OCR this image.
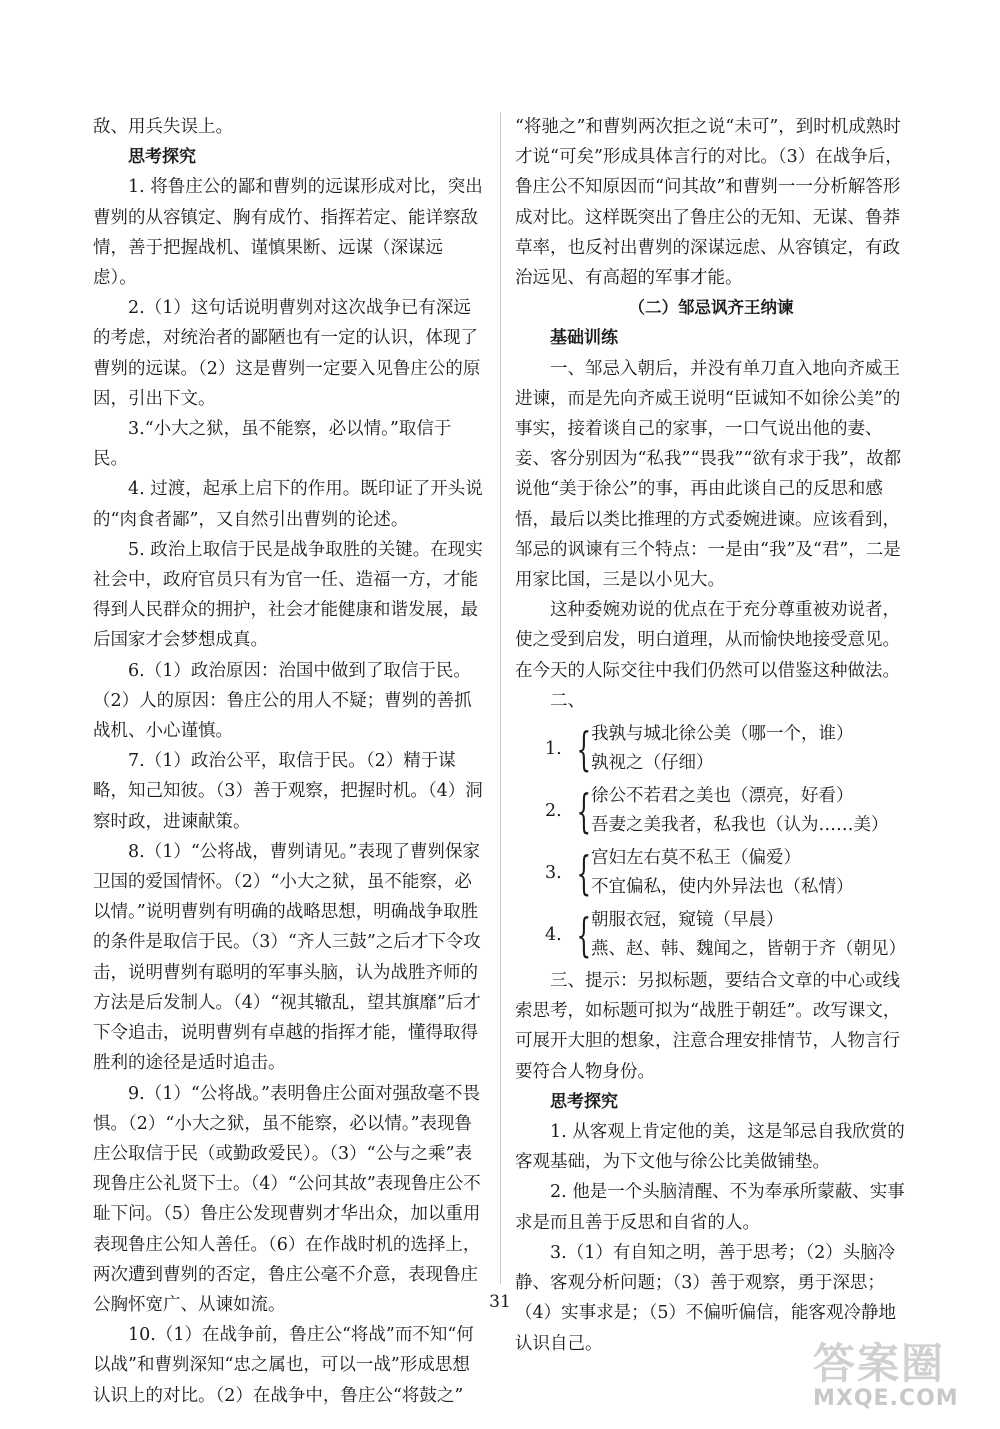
敌、用兵失误上。

思考探究

1. 将鲁庄公的鄙和曹刿的远谋形成对比，突出曹刿的从容镇定、胸有成竹、指挥若定、能详察敌情，善于把握战机、谨慎果断、远谋（深谋远虑）。

2.（1）这句话说明曹刿对这次战争已有深远的考虑，对统治者的鄙陋也有一定的认识，体现了曹刿的远谋。（2）这是曹刿一定要入见鲁庄公的原因，引出下文。

3.“小大之狱，虽不能察，必以情。”取信于民。

4. 过渡，起承上启下的作用。既印证了开头说的“肉食者鄙”，又自然引出曹刿的论述。

5. 政治上取信于民是战争取胜的关键。在现实社会中，政府官员只有为官一任、造福一方，才能得到人民群众的拥护，社会才能健康和谐发展，最后国家才会梦想成真。

6.（1）政治原因：治国中做到了取信于民。（2）人的原因：鲁庄公的用人不疑；曹刿的善抓战机、小心谨慎。

7.（1）政治公平，取信于民。（2）精于谋略，知己知彼。（3）善于观察，把握时机。（4）洞察时政，进谏献策。

8.（1）“公将战，曹刿请见。”表现了曹刿保家卫国的爱国情怀。（2）“小大之狱，虽不能察，必以情。”说明曹刿有明确的战略思想，明确战争取胜的条件是取信于民。（3）“齐人三鼓”之后才下令攻击，说明曹刿有聪明的军事头脑，认为战胜齐师的方法是后发制人。（4）“视其辙乱，望其旗靡”后才下令追击，说明曹刿有卓越的指挥才能，懂得取得胜利的途径是适时追击。

9.（1）“公将战。”表明鲁庄公面对强敌毫不畏惧。（2）“小大之狱，虽不能察，必以情。”表现鲁庄公取信于民（或勤政爱民）。（3）“公与之乘”表现鲁庄公礼贤下士。（4）“公问其故”表现鲁庄公不耻下问。（5）鲁庄公发现曹刿才华出众，加以重用表现鲁庄公知人善任。（6）在作战时机的选择上，两次遭到曹刿的否定，鲁庄公毫不介意，表现鲁庄公胸怀宽广、从谏如流。

10.（1）在战争前，鲁庄公“将战”而不知“何以战”和曹刿深知“忠之属也，可以一战”形成思想认识上的对比。（2）在战争中，鲁庄公“将鼓之”

“将驰之”和曹刿两次拒之说“未可”，到时机成熟时才说“可矣”形成具体言行的对比。（3）在战争后，鲁庄公不知原因而“问其故”和曹刿一一分析解答形成对比。这样既突出了鲁庄公的无知、无谋、鲁莽草率，也反衬出曹刿的深谋远虑、从容镇定，有政治远见、有高超的军事才能。

（二）邹忌讽齐王纳谏

基础训练

一、邹忌入朝后，并没有单刀直入地向齐威王进谏，而是先向齐威王说明“臣诚知不如徐公美”的事实，接着谈自己的家事，一口气说出他的妻、妾、客分别因为“私我”“畏我”“欲有求于我”，故都说他“美于徐公”的事，再由此谈自己的反思和感悟，最后以类比推理的方式委婉进谏。应该看到，邹忌的讽谏有三个特点：一是由“我”及“君”，二是用家比国，三是以小见大。

这种委婉劝说的优点在于充分尊重被劝说者，使之受到启发，明白道理，从而愉快地接受意见。在今天的人际交往中我们仍然可以借鉴这种做法。

二、

1. { 我孰与城北徐公美（哪一个，谁）
孰视之（仔细）
2. { 徐公不若君之美也（漂亮，好看）
吾妻之美我者，私我也（认为……美）
3. { 宫妇左右莫不私王（偏爱）
不宜偏私，使内外异法也（私情）
4. { 朝服衣冠，窥镜（早晨）
燕、赵、韩、魏闻之，皆朝于齐（朝见）

三、提示：另拟标题，要结合文章的中心或线索思考，如标题可拟为“战胜于朝廷”。改写课文，可展开大胆的想象，注意合理安排情节，人物言行要符合人物身份。

思考探究

1. 从客观上肯定他的美，这是邹忌自我欣赏的客观基础，为下文他与徐公比美做铺垫。

2. 他是一个头脑清醒、不为奉承所蒙蔽、实事求是而且善于反思和自省的人。

3.（1）有自知之明，善于思考；（2）头脑冷静、客观分析问题；（3）善于观察，勇于深思；（4）实事求是；（5）不偏听偏信，能客观冷静地认识自己。

31
答案圈
MXQE.COM
